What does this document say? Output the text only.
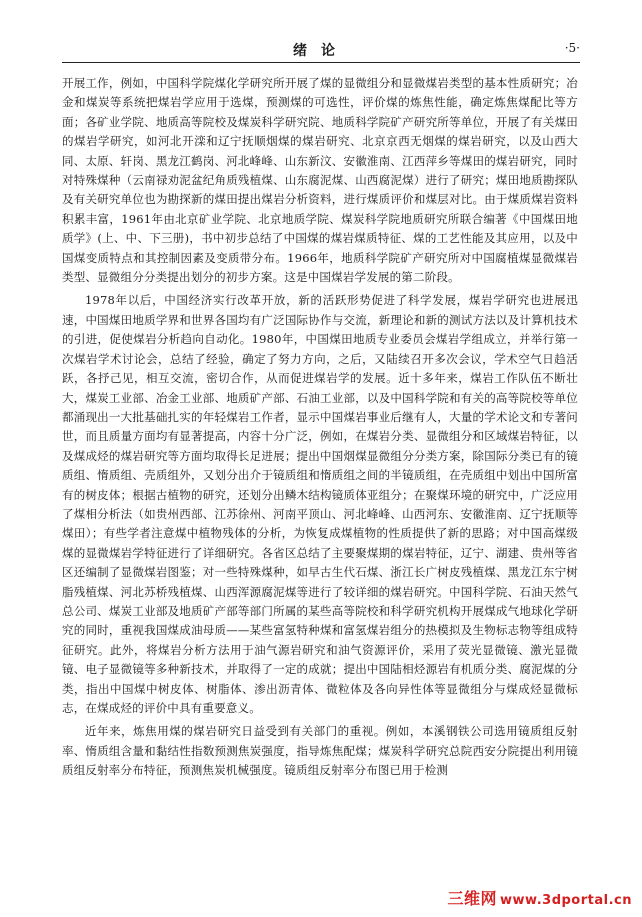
绪论	·5·

开展工作，例如，中国科学院煤化学研究所开展了煤的显微组分和显微煤岩类型的基本性质研究；冶金和煤炭等系统把煤岩学应用于选煤，预测煤的可选性，评价煤的炼焦性能，确定炼焦煤配比等方面；各矿业学院、地质高等院校及煤炭科学研究院、地质科学院矿产研究所等单位，开展了有关煤田的煤岩学研究，如河北开滦和辽宁抚顺烟煤的煤岩研究、北京京西无烟煤的煤岩研究，以及山西大同、太原、轩岗、黑龙江鹤岗、河北峰峰、山东新汶、安徽淮南、江西萍乡等煤田的煤岩研究，同时对特殊煤种（云南禄劝泥盆纪角质残植煤、山东腐泥煤、山西腐泥煤）进行了研究；煤田地质勘探队及有关研究单位也为勘探新的煤田提出煤岩分析资料，进行煤质评价和煤层对比。由于煤质煤岩资料积累丰富，1961年由北京矿业学院、北京地质学院、煤炭科学院地质研究所联合编著《中国煤田地质学》(上、中、下三册)，书中初步总结了中国煤的煤岩煤质特征、煤的工艺性能及其应用，以及中国煤变质特点和其控制因素及变质带分布。1966年，地质科学院矿产研究所对中国腐植煤显微煤岩类型、显微组分分类提出划分的初步方案。这是中国煤岩学发展的第二阶段。

1978年以后，中国经济实行改革开放，新的活跃形势促进了科学发展，煤岩学研究也进展迅速，中国煤田地质学界和世界各国均有广泛国际协作与交流，新理论和新的测试方法以及计算机技术的引进，促使煤岩分析趋向自动化。1980年，中国煤田地质专业委员会煤岩学组成立，并举行第一次煤岩学术讨论会，总结了经验，确定了努力方向，之后，又陆续召开多次会议，学术空气日趋活跃，各抒己见，相互交流，密切合作，从而促进煤岩学的发展。近十多年来，煤岩工作队伍不断壮大，煤炭工业部、冶金工业部、地质矿产部、石油工业部，以及中国科学院和有关的高等院校等单位都涌现出一大批基础扎实的年轻煤岩工作者，显示中国煤岩事业后继有人，大量的学术论文和专著问世，而且质量方面均有显著提高，内容十分广泛，例如，在煤岩分类、显微组分和区域煤岩特征，以及煤成烃的煤岩研究等方面均取得长足进展；提出中国烟煤显微组分分类方案，除国际分类已有的镜质组、惰质组、壳质组外，又划分出介于镜质组和惰质组之间的半镜质组，在壳质组中划出中国所富有的树皮体；根据古植物的研究，还划分出鳞木结构镜质体亚组分；在聚煤环境的研究中，广泛应用了煤相分析法（如贵州西部、江苏徐州、河南平顶山、河北峰峰、山西河东、安徽淮南、辽宁抚顺等煤田）；有些学者注意煤中植物残体的分析，为恢复成煤植物的性质提供了新的思路；对中国高煤级煤的显微煤岩学特征进行了详细研究。各省区总结了主要聚煤期的煤岩特征，辽宁、湖建、贵州等省区还编制了显微煤岩图鉴；对一些特殊煤种，如早古生代石煤、浙江长广树皮残植煤、黑龙江东宁树脂残植煤、河北苏桥残植煤、山西浑源腐泥煤等进行了较详细的煤岩研究。中国科学院、石油天然气总公司、煤炭工业部及地质矿产部等部门所属的某些高等院校和科学研究机构开展煤成气地球化学研究的同时，重视我国煤成油母质——某些富氢特种煤和富氢煤岩组分的热模拟及生物标志物等组成特征研究。此外，将煤岩分析方法用于油气源岩研究和油气资源评价，采用了荧光显微镜、激光显微镜、电子显微镜等多种新技术，并取得了一定的成就；提出中国陆相烃源岩有机质分类、腐泥煤的分类，指出中国煤中树皮体、树脂体、渗出沥青体、微粒体及各向异性体等显微组分与煤成烃显微标志，在煤成烃的评价中具有重要意义。

近年来，炼焦用煤的煤岩研究日益受到有关部门的重视。例如，本溪钢铁公司选用镜质组反射率、惰质组含量和黏结性指数预测焦炭强度，指导炼焦配煤；煤炭科学研究总院西安分院提出利用镜质组反射率分布特征，预测焦炭机械强度。镜质组反射率分布图已用于检测

三维网 www.3dportal.cn
